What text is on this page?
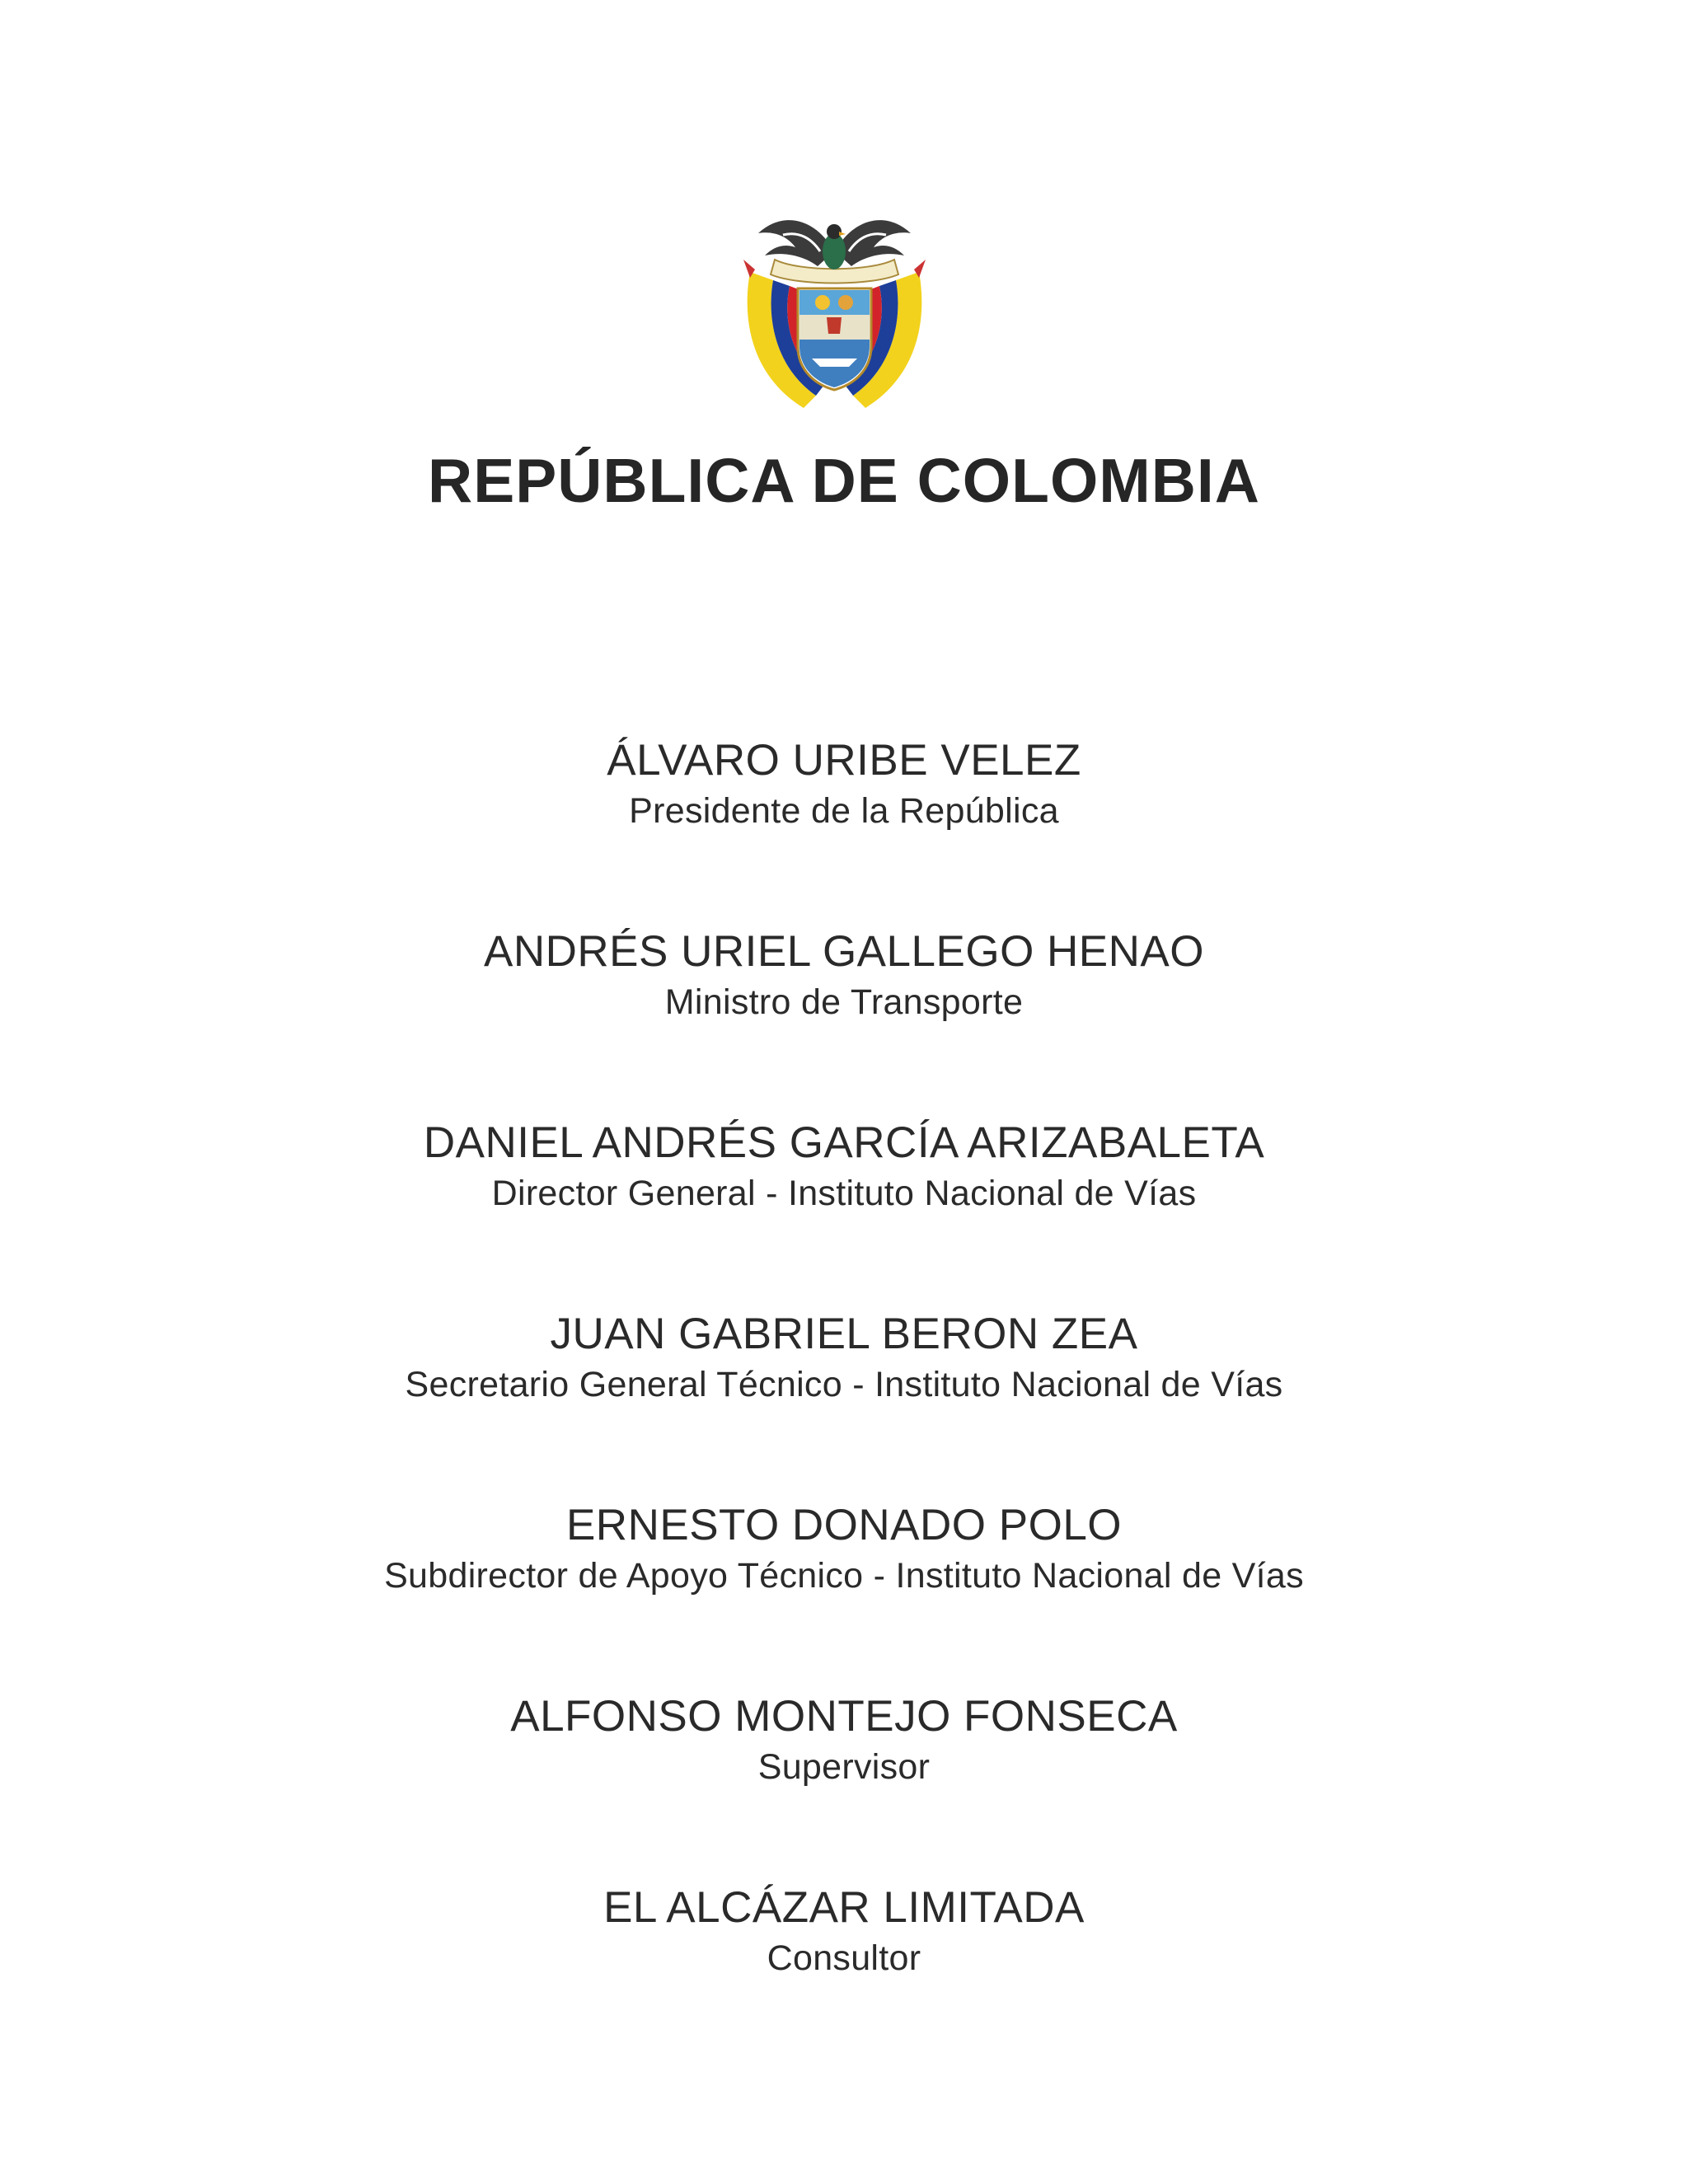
REPÚBLICA DE COLOMBIA
ÁLVARO URIBE VELEZ
Presidente de la República
ANDRÉS URIEL GALLEGO HENAO
Ministro de Transporte
DANIEL ANDRÉS GARCÍA ARIZABALETA
Director General - Instituto Nacional de Vías
JUAN GABRIEL BERON ZEA
Secretario General Técnico - Instituto Nacional de Vías
ERNESTO DONADO POLO
Subdirector de Apoyo Técnico - Instituto Nacional de Vías
ALFONSO MONTEJO FONSECA
Supervisor
EL ALCÁZAR LIMITADA
Consultor
